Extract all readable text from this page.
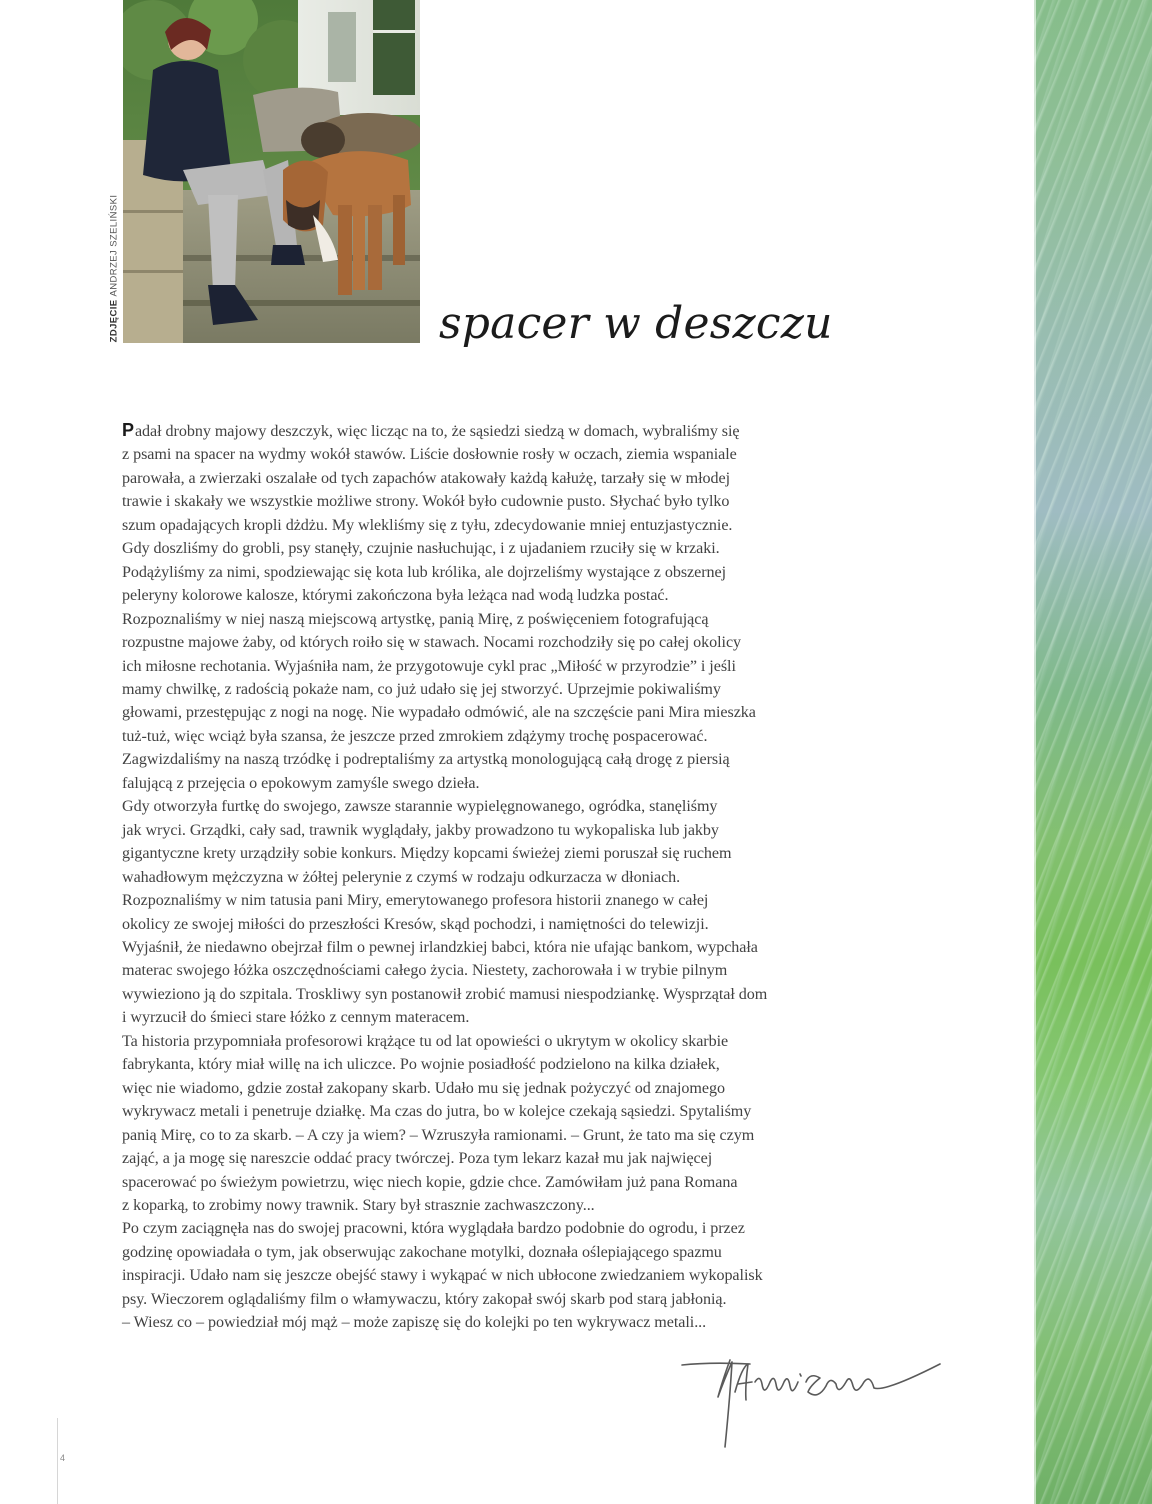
ZDJĘCIEANDRZEJ SZELIŃSKI
spacer w deszczu

Padał drobny majowy deszczyk, więc licząc na to, że sąsiedzi siedzą w domach, wybraliśmy się
z psami na spacer na wydmy wokół stawów. Liście dosłownie rosły w oczach, ziemia wspaniale
parowała, a zwierzaki oszalałe od tych zapachów atakowały każdą kałużę, tarzały się w młodej
trawie i skakały we wszystkie możliwe strony. Wokół było cudownie pusto. Słychać było tylko
szum opadających kropli dżdżu. My wlekliśmy się z tyłu, zdecydowanie mniej entuzjastycznie.
Gdy doszliśmy do grobli, psy stanęły, czujnie nasłuchując, i z ujadaniem rzuciły się w krzaki.
Podążyliśmy za nimi, spodziewając się kota lub królika, ale dojrzeliśmy wystające z obszernej
peleryny kolorowe kalosze, którymi zakończona była leżąca nad wodą ludzka postać.
Rozpoznaliśmy w niej naszą miejscową artystkę, panią Mirę, z poświęceniem fotografującą
rozpustne majowe żaby, od których roiło się w stawach. Nocami rozchodziły się po całej okolicy
ich miłosne rechotania. Wyjaśniła nam, że przygotowuje cykl prac „Miłość w przyrodzie” i jeśli
mamy chwilkę, z radością pokaże nam, co już udało się jej stworzyć. Uprzejmie pokiwaliśmy
głowami, przestępując z nogi na nogę. Nie wypadało odmówić, ale na szczęście pani Mira mieszka
tuż-tuż, więc wciąż była szansa, że jeszcze przed zmrokiem zdążymy trochę pospacerować.
Zagwizdaliśmy na naszą trzódkę i podreptaliśmy za artystką monologującą całą drogę z piersią
falującą z przejęcia o epokowym zamyśle swego dzieła.

Gdy otworzyła furtkę do swojego, zawsze starannie wypielęgnowanego, ogródka, stanęliśmy
jak wryci. Grządki, cały sad, trawnik wyglądały, jakby prowadzono tu wykopaliska lub jakby
gigantyczne krety urządziły sobie konkurs. Między kopcami świeżej ziemi poruszał się ruchem
wahadłowym mężczyzna w żółtej pelerynie z czymś w rodzaju odkurzacza w dłoniach.
Rozpoznaliśmy w nim tatusia pani Miry, emerytowanego profesora historii znanego w całej
okolicy ze swojej miłości do przeszłości Kresów, skąd pochodzi, i namiętności do telewizji.
Wyjaśnił, że niedawno obejrzał film o pewnej irlandzkiej babci, która nie ufając bankom, wypchała
materac swojego łóżka oszczędnościami całego życia. Niestety, zachorowała i w trybie pilnym
wywieziono ją do szpitala. Troskliwy syn postanowił zrobić mamusi niespodziankę. Wysprzątał dom
i wyrzucił do śmieci stare łóżko z cennym materacem.

Ta historia przypomniała profesorowi krążące tu od lat opowieści o ukrytym w okolicy skarbie
fabrykanta, który miał willę na ich uliczce. Po wojnie posiadłość podzielono na kilka działek,
więc nie wiadomo, gdzie został zakopany skarb. Udało mu się jednak pożyczyć od znajomego
wykrywacz metali i penetruje działkę. Ma czas do jutra, bo w kolejce czekają sąsiedzi. Spytaliśmy
panią Mirę, co to za skarb. – A czy ja wiem? – Wzruszyła ramionami. – Grunt, że tato ma się czym
zająć, a ja mogę się nareszcie oddać pracy twórczej. Poza tym lekarz kazał mu jak najwięcej
spacerować po świeżym powietrzu, więc niech kopie, gdzie chce. Zamówiłam już pana Romana
z koparką, to zrobimy nowy trawnik. Stary był strasznie zachwaszczony...

Po czym zaciągnęła nas do swojej pracowni, która wyglądała bardzo podobnie do ogrodu, i przez
godzinę opowiadała o tym, jak obserwując zakochane motylki, doznała oślepiającego spazmu
inspiracji. Udało nam się jeszcze obejść stawy i wykąpać w nich ubłocone zwiedzaniem wykopalisk
psy. Wieczorem oglądaliśmy film o włamywaczu, który zakopał swój skarb pod starą jabłonią.
– Wiesz co – powiedział mój mąż – może zapiszę się do kolejki po ten wykrywacz metali...

4
